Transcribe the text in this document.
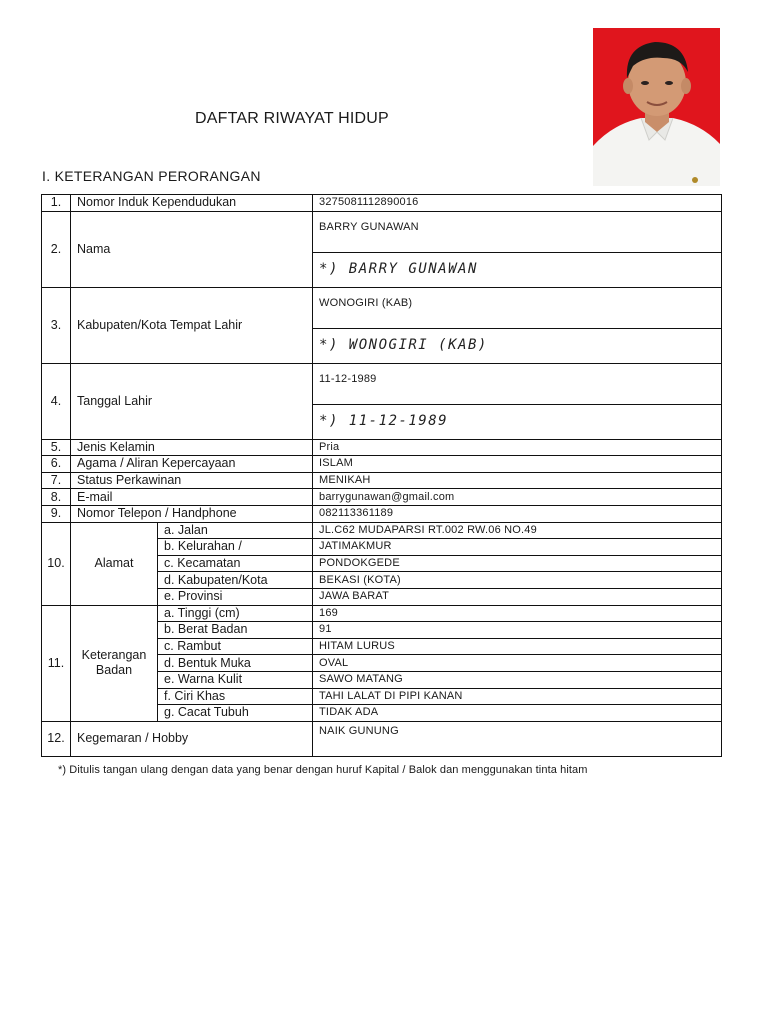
DAFTAR RIWAYAT HIDUP
I. KETERANGAN PERORANGAN
1.	Nomor Induk Kependudukan		3275081112890016
2.	Nama		BARRY GUNAWAN
			*) BARRY GUNAWAN
3.	Kabupaten/Kota Tempat Lahir		WONOGIRI (KAB)
			*) WONOGIRI (KAB)
4.	Tanggal Lahir		11-12-1989
			*) 11-12-1989
5.	Jenis Kelamin		Pria
6.	Agama / Aliran Kepercayaan		ISLAM
7.	Status Perkawinan		MENIKAH
8.	E-mail		barrygunawan@gmail.com
9.	Nomor Telepon / Handphone		082113361189
10.	Alamat	a. Jalan	JL.C62 MUDAPARSI RT.002 RW.06 NO.49
		b. Kelurahan /	JATIMAKMUR
		c. Kecamatan	PONDOKGEDE
		d. Kabupaten/Kota	BEKASI (KOTA)
		e. Provinsi	JAWA BARAT
11.	Keterangan
Badan	a. Tinggi (cm)	169
		b. Berat Badan	91
		c. Rambut	HITAM LURUS
		d. Bentuk Muka	OVAL
		e. Warna Kulit	SAWO MATANG
		f. Ciri Khas	TAHI LALAT DI PIPI KANAN
		g. Cacat Tubuh	TIDAK ADA
12.	Kegemaran / Hobby		NAIK GUNUNG
*) Ditulis tangan ulang dengan data yang benar dengan huruf Kapital / Balok dan menggunakan tinta hitam
